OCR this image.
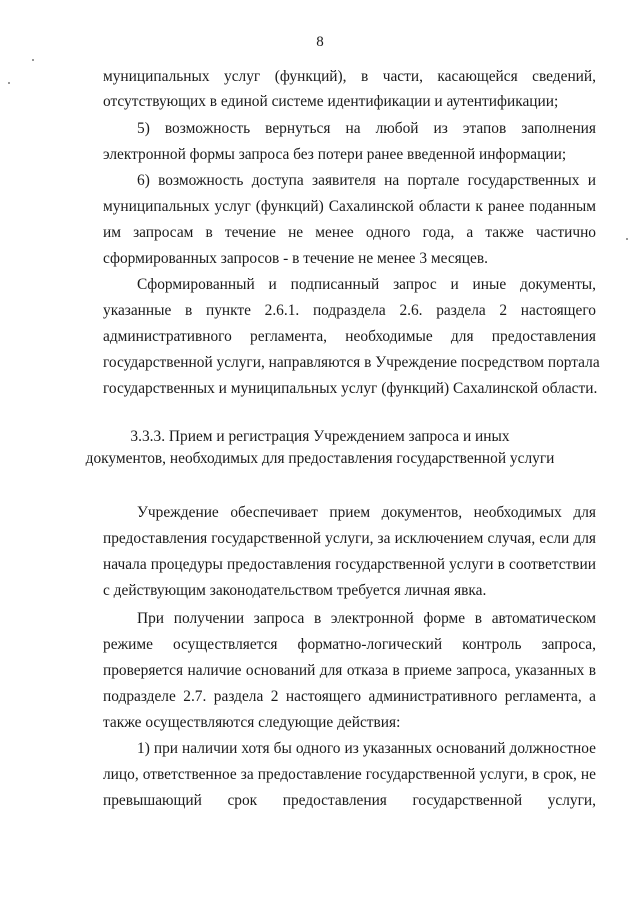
8
муниципальных услуг (функций), в части, касающейся сведений,
отсутствующих в единой системе идентификации и аутентификации;
5) возможность вернуться на любой из этапов заполнения
электронной формы запроса без потери ранее введенной информации;
6) возможность доступа заявителя на портале государственных и
муниципальных услуг (функций) Сахалинской области к ранее поданным
им запросам в течение не менее одного года, а также частично
сформированных запросов - в течение не менее 3 месяцев.
Сформированный и подписанный запрос и иные документы,
указанные в пункте 2.6.1. подраздела 2.6. раздела 2 настоящего
административного регламента, необходимые для предоставления
государственной услуги, направляются в Учреждение посредством портала
государственных и муниципальных услуг (функций) Сахалинской области.
3.3.3. Прием и регистрация Учреждением запроса и иных
документов, необходимых для предоставления государственной услуги
Учреждение обеспечивает прием документов, необходимых для
предоставления государственной услуги, за исключением случая, если для
начала процедуры предоставления государственной услуги в соответствии
с действующим законодательством требуется личная явка.
При получении запроса в электронной форме в автоматическом
режиме осуществляется форматно-логический контроль запроса,
проверяется наличие оснований для отказа в приеме запроса, указанных в
подразделе 2.7. раздела 2 настоящего административного регламента, а
также осуществляются следующие действия:
1) при наличии хотя бы одного из указанных оснований должностное
лицо, ответственное за предоставление государственной услуги, в срок, не
превышающий срок предоставления государственной услуги,
